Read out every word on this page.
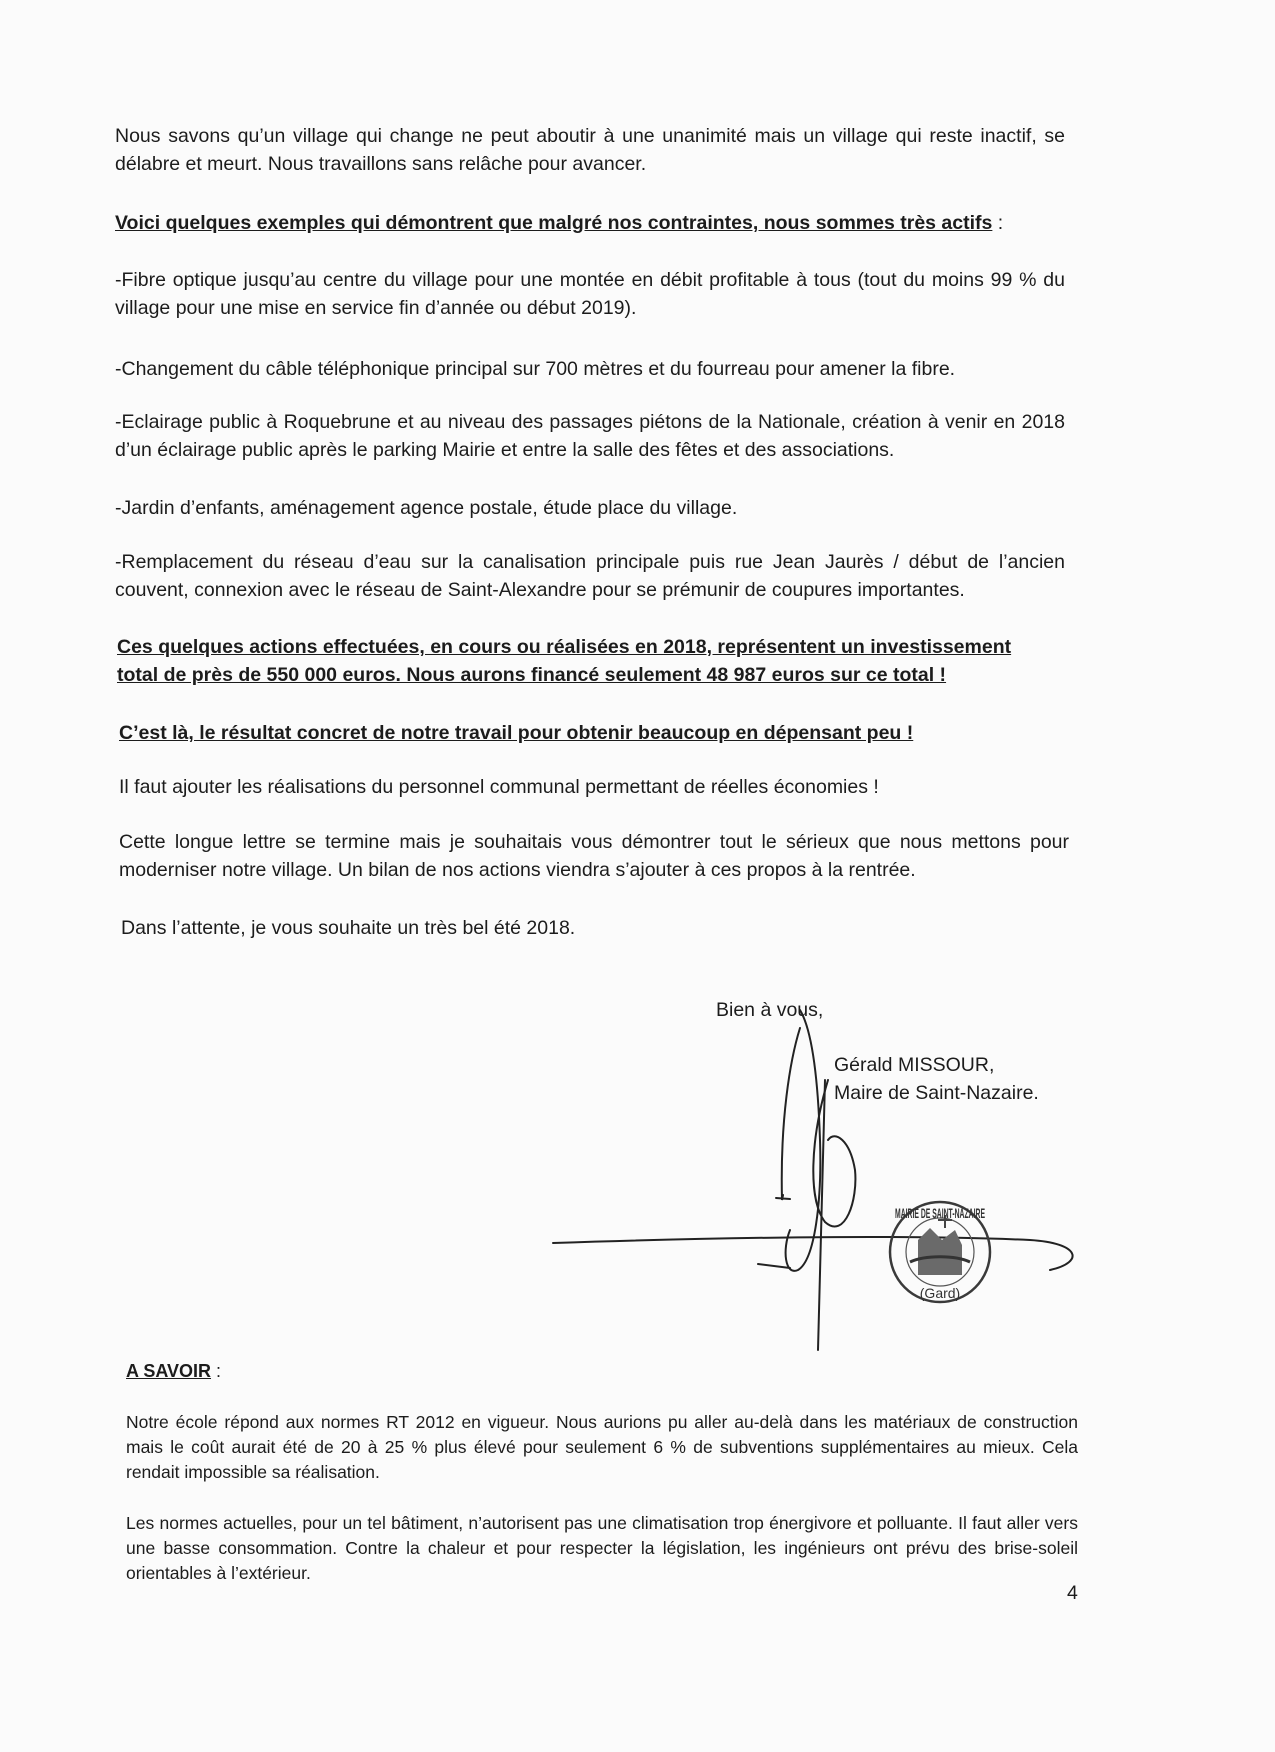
Nous savons qu’un village qui change ne peut aboutir à une unanimité mais un village qui reste inactif, se délabre et meurt. Nous travaillons sans relâche pour avancer.

Voici quelques exemples qui démontrent que malgré nos contraintes, nous sommes très actifs :

-Fibre optique jusqu’au centre du village pour une montée en débit profitable à tous (tout du moins 99 % du village pour une mise en service fin d’année ou début 2019).

-Changement du câble téléphonique principal sur 700 mètres et du fourreau pour amener la fibre.

-Eclairage public à Roquebrune et au niveau des passages piétons de la Nationale, création à venir en 2018 d’un éclairage public après le parking Mairie et entre la salle des fêtes et des associations.

-Jardin d’enfants, aménagement agence postale, étude place du village.

-Remplacement du réseau d’eau sur la canalisation principale puis rue Jean Jaurès / début de l’ancien couvent, connexion avec le réseau de Saint-Alexandre pour se prémunir de coupures importantes.

Ces quelques actions effectuées, en cours ou réalisées en 2018, représentent un investissement

total de près de 550 000 euros. Nous aurons financé seulement 48 987 euros sur ce total !

C’est là, le résultat concret de notre travail pour obtenir beaucoup en dépensant peu !

Il faut ajouter les réalisations du personnel communal permettant de réelles économies !

Cette longue lettre se termine mais je souhaitais vous démontrer tout le sérieux que nous mettons pour moderniser notre village. Un bilan de nos actions viendra s’ajouter à ces propos à la rentrée.

Dans l’attente, je vous souhaite un très bel été 2018.

Bien à vous,

Gérald MISSOUR,

Maire de Saint-Nazaire.

MAIRIE DE SAINT-NAZAIRE
(Gard)

A SAVOIR :

Notre école répond aux normes RT 2012 en vigueur. Nous aurions pu aller au-delà dans les matériaux de construction mais le coût aurait été de 20 à 25 % plus élevé pour seulement 6 % de subventions supplémentaires au mieux. Cela rendait impossible sa réalisation.

Les normes actuelles, pour un tel bâtiment, n’autorisent pas une climatisation trop énergivore et polluante. Il faut aller vers une basse consommation. Contre la chaleur et pour respecter la législation, les ingénieurs ont prévu des brise-soleil orientables à l’extérieur.

4
